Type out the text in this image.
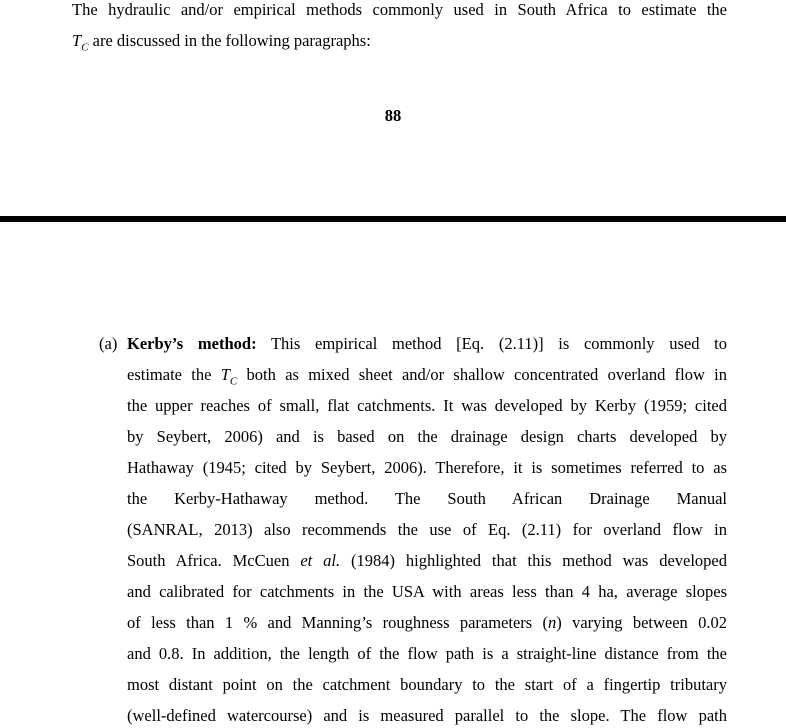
The hydraulic and/or empirical methods commonly used in South Africa to estimate the
$T_C$ are discussed in the following paragraphs:
88
(a) Kerby’s method: This empirical method [Eq. (2.11)] is commonly used to
estimate the $T_C$ both as mixed sheet and/or shallow concentrated overland flow in
the upper reaches of small, flat catchments. It was developed by Kerby (1959; cited
by Seybert, 2006) and is based on the drainage design charts developed by
Hathaway (1945; cited by Seybert, 2006). Therefore, it is sometimes referred to as
the Kerby-Hathaway method. The South African Drainage Manual
(SANRAL, 2013) also recommends the use of Eq. (2.11) for overland flow in
South Africa. McCuen et al. (1984) highlighted that this method was developed
and calibrated for catchments in the USA with areas less than 4 ha, average slopes
of less than 1 % and Manning’s roughness parameters (n) varying between 0.02
and 0.8. In addition, the length of the flow path is a straight-line distance from the
most distant point on the catchment boundary to the start of a fingertip tributary
(well-defined watercourse) and is measured parallel to the slope. The flow path
